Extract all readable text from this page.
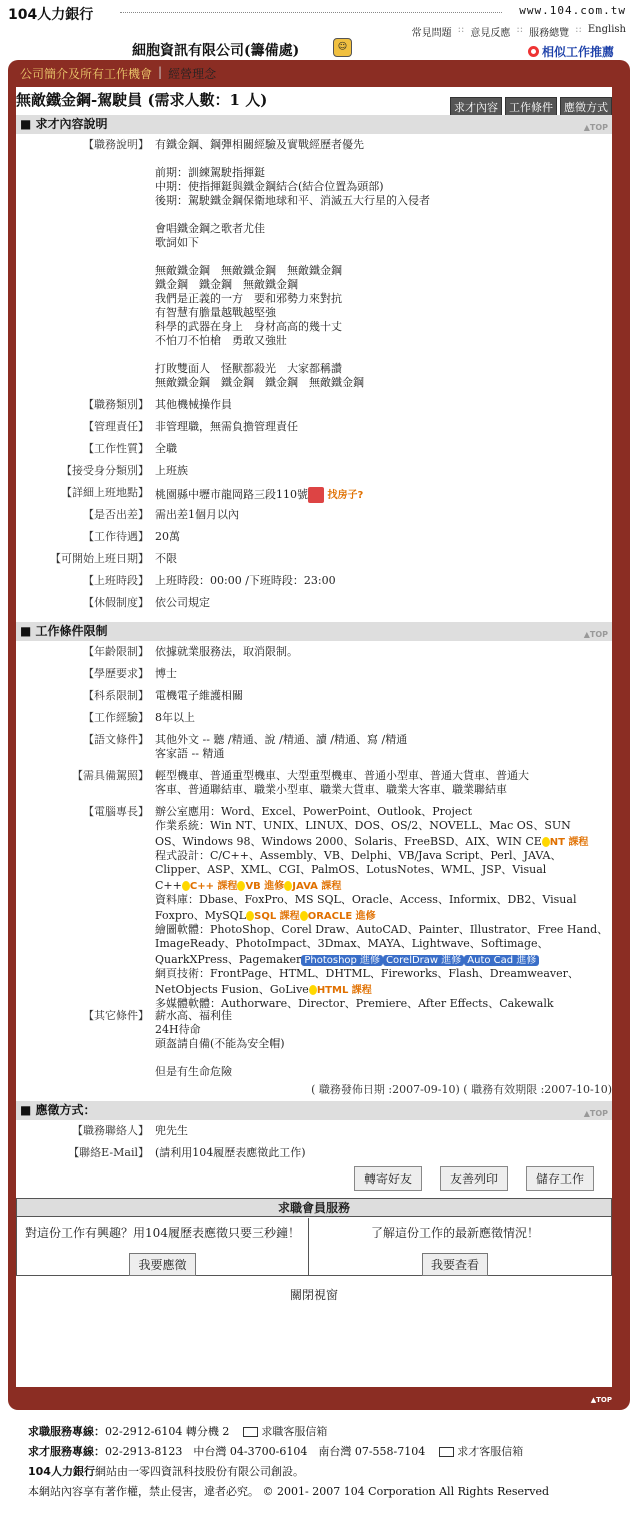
104人力銀行	www.104.com.tw
常見問題 :: 意見反應 :: 服務總覽 :: English
細胞資訊有限公司(籌備處)	☺	相似工作推薦
公司簡介及所有工作機會 | 經營理念
▲TOP
無敵鐵金鋼-駕駛員 (需求人數：1 人)	求才內容	工作條件	應徵方式
■ 求才內容說明	▲TOP
【職務說明】 有鐵金鋼、鋼彈相關經驗及實戰經歷者優先

前期：訓練駕駛指揮鋌
中期：使指揮鋌與鐵金鋼結合(結合位置為頭部)
後期：駕駛鐵金鋼保衛地球和平、消滅五大行星的入侵者

會唱鐵金鋼之歌者尤佳
歌詞如下

無敵鐵金鋼　無敵鐵金鋼　無敵鐵金鋼
鐵金鋼　鐵金鋼　無敵鐵金鋼
我們是正義的一方　要和邪勢力來對抗
有智慧有膽量越戰越堅強
科學的武器在身上　身材高高的幾十丈
不怕刀不怕槍　勇敢又強壯

打敗雙面人　怪獸都殺光　大家都稱讚
無敵鐵金鋼　鐵金鋼　鐵金鋼　無敵鐵金鋼
【職務類別】 其他機械操作員
【管理責任】 非管理職，無需負擔管理責任
【工作性質】 全職
【接受身分類別】 上班族
【詳細上班地點】 桃園縣中壢市龍岡路三段110號 找房子?
【是否出差】 需出差1個月以內
【工作待遇】 20萬
【可開始上班日期】 不限
【上班時段】 上班時段：00:00 /下班時段：23:00
【休假制度】 依公司規定
■ 工作條件限制	▲TOP
【年齡限制】 依據就業服務法，取消限制。
【學歷要求】 博士
【科系限制】 電機電子維護相關
【工作經驗】 8年以上
【語文條件】 其他外文 -- 聽 /精通、說 /精通、讀 /精通、寫 /精通
客家語 -- 精通
【需具備駕照】 輕型機車、普通重型機車、大型重型機車、普通小型車、普通大貨車、普通大
客車、普通聯結車、職業小型車、職業大貨車、職業大客車、職業聯結車
【電腦專長】 辦公室應用：Word、Excel、PowerPoint、Outlook、Project
作業系統：Win NT、UNIX、LINUX、DOS、OS/2、NOVELL、Mac OS、SUN
OS、Windows 98、Windows 2000、Solaris、FreeBSD、AIX、WIN CE NT 課程
程式設計：C/C++、Assembly、VB、Delphi、VB/Java Script、Perl、JAVA、
Clipper、ASP、XML、CGI、PalmOS、LotusNotes、WML、JSP、Visual
C++ C++ 課程 VB 進修 JAVA 課程
資料庫：Dbase、FoxPro、MS SQL、Oracle、Access、Informix、DB2、Visual
Foxpro、MySQL SQL 課程 ORACLE 進修
繪圖軟體：PhotoShop、Corel Draw、AutoCAD、Painter、Illustrator、Free Hand、
ImageReady、PhotoImpact、3Dmax、MAYA、Lightwave、Softimage、
QuarkXPress、Pagemaker Photoshop 進修 CorelDraw 進修 Auto Cad 進修
網頁技術：FrontPage、HTML、DHTML、Fireworks、Flash、Dreamweaver、
NetObjects Fusion、GoLive HTML 課程
多媒體軟體：Authorware、Director、Premiere、After Effects、Cakewalk
【其它條件】 薪水高、福利佳
24H待命
頭盔請自備(不能為安全帽)

但是有生命危險
( 職務發佈日期 :2007-09-10) ( 職務有效期限 :2007-10-10)
■ 應徵方式：	▲TOP
【職務聯絡人】 兜先生
【聯絡E-Mail】 (請利用104履歷表應徵此工作)
轉寄好友	友善列印	儲存工作
求職會員服務
對這份工作有興趣？用104履歷表應徵只要三秒鐘！
我要應徵
了解這份工作的最新應徵情況！
我要查看
關閉視窗
求職服務專線：02-2912-6104 轉分機 2　	求職客服信箱
求才服務專線：02-2913-8123　中台灣 04-3700-6104　南台灣 07-558-7104　	求才客服信箱
104人力銀行網站由一零四資訊科技股份有限公司創設。
本網站內容享有著作權，禁止侵害，違者必究。 © 2001- 2007 104 Corporation All Rights Reserved
